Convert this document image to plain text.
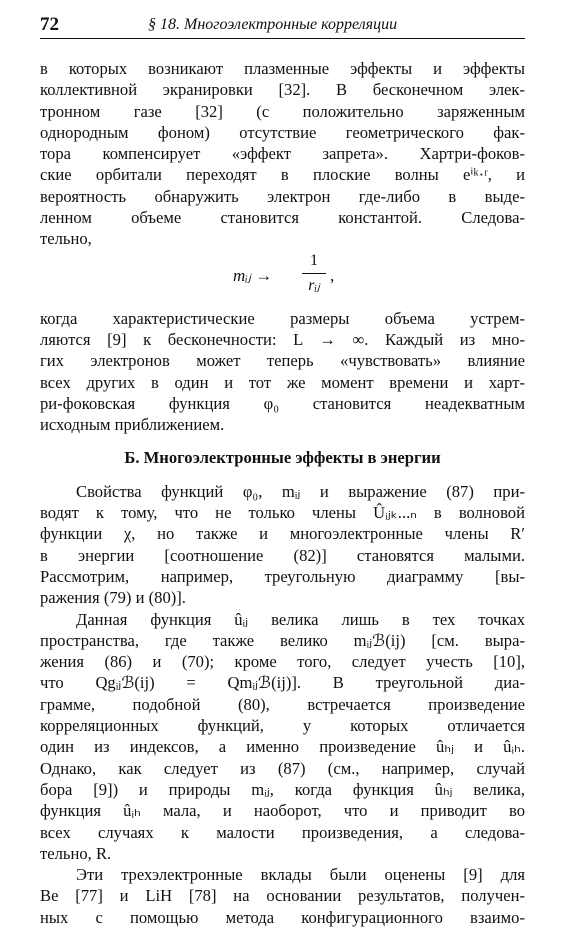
72	§ 18. Многоэлектронные корреляции
в которых возникают плазменные эффекты и эффекты
коллективной экранировки [32]. В бесконечном элек-
тронном газе [32] (с положительно заряженным
однородным фоном) отсутствие геометрического фак-
тора компенсирует «эффект запрета». Хартри-фоков-
ские орбитали переходят в плоские волны eⁱᵏ·ʳ, и
вероятность обнаружить электрон где-либо в выде-
ленном объеме становится константой. Следова-
тельно,
mᵢⱼ →
1
rᵢⱼ
,
когда характеристические размеры объема устрем-
ляются [9] к бесконечности: L → ∞. Каждый из мно-
гих электронов может теперь «чувствовать» влияние
всех других в один и тот же момент времени и харт-
ри-фоковская функция φ₀ становится неадекватным
исходным приближением.
Б. Многоэлектронные эффекты в энергии
Свойства функций φ₀, mᵢⱼ и выражение (87) при-
водят к тому, что не только члены Ûᵢⱼₖ...ₙ в волновой
функции χ, но также и многоэлектронные члены R′
в энергии [соотношение (82)] становятся малыми.
Рассмотрим, например, треугольную диаграмму [вы-
ражения (79) и (80)].
Данная функция ûᵢⱼ велика лишь в тех точках
пространства, где также велико mᵢⱼℬ(ij) [см. выра-
жения (86) и (70); кроме того, следует учесть [10],
что Qgᵢⱼℬ(ij) = Qmᵢⱼℬ(ij)]. В треугольной диа-
грамме, подобной (80), встречается произведение
корреляционных функций, у которых отличается
один из индексов, а именно произведение ûₕⱼ и ûᵢₕ.
Однако, как следует из (87) (см., например, случай
бора [9]) и природы mᵢⱼ, когда функция ûₕⱼ велика,
функция ûᵢₕ мала, и наоборот, что и приводит во
всех случаях к малости произведения, а следова-
тельно, R.
Эти трехэлектронные вклады были оценены [9] для
Be [77] и LiH [78] на основании результатов, получен-
ных с помощью метода конфигурационного взаимо-
